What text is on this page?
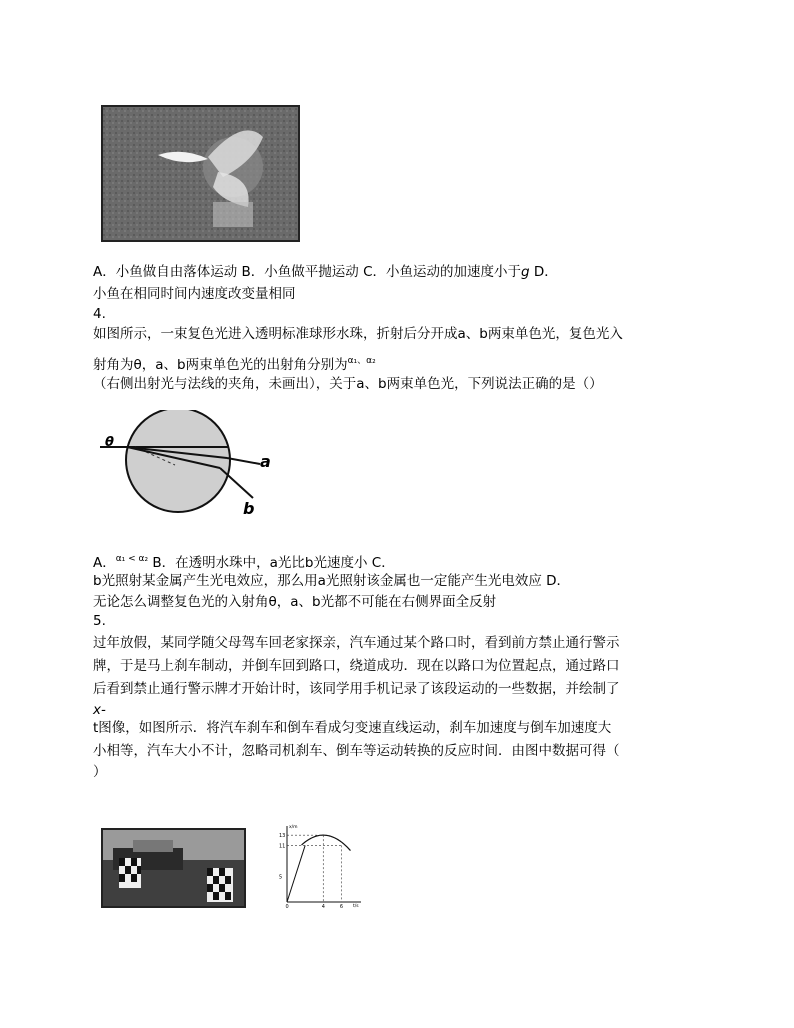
A．小鱼做自由落体运动 B．小鱼做平抛运动 C．小鱼运动的加速度小于g D．
小鱼在相同时间内速度改变量相同
4.
如图所示，一束复色光进入透明标准球形水珠，折射后分开成a、b两束单色光，复色光入
射角为θ，a、b两束单色光的出射角分别为$^{\alpha_1、\alpha_2}$
（右侧出射光与法线的夹角，未画出），关于a、b两束单色光，下列说法正确的是（）
θ
a
b
A．$^{\alpha_1 < \alpha_2}$ B．在透明水珠中，a光比b光速度小 C．
b光照射某金属产生光电效应，那么用a光照射该金属也一定能产生光电效应 D．
无论怎么调整复色光的入射角θ，a、b光都不可能在右侧界面全反射
5.
过年放假，某同学随父母驾车回老家探亲，汽车通过某个路口时，看到前方禁止通行警示
牌，于是马上刹车制动，并倒车回到路口，绕道成功．现在以路口为位置起点，通过路口
后看到禁止通行警示牌才开始计时，该同学用手机记录了该段运动的一些数据，并绘制了
x-
t图像，如图所示．将汽车刹车和倒车看成匀变速直线运动，刹车加速度与倒车加速度大
小相等，汽车大小不计，忽略司机刹车、倒车等运动转换的反应时间．由图中数据可得（
）
x/m
t/s
5
11
13
0	4	6
